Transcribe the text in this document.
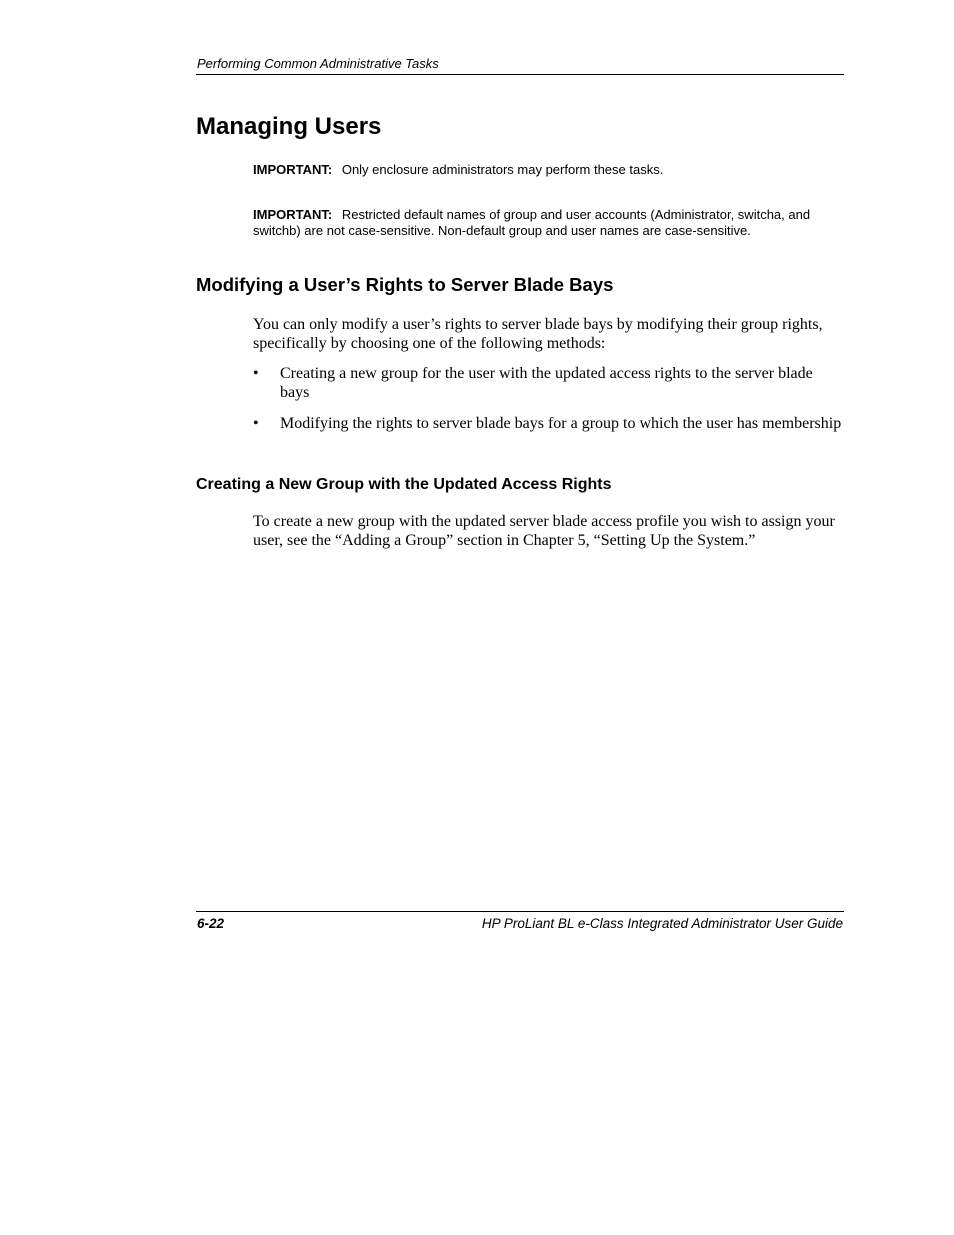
Performing Common Administrative Tasks
Managing Users
IMPORTANT: Only enclosure administrators may perform these tasks.
IMPORTANT: Restricted default names of group and user accounts (Administrator, switcha, and switchb) are not case-sensitive. Non-default group and user names are case-sensitive.
Modifying a User’s Rights to Server Blade Bays

You can only modify a user’s rights to server blade bays by modifying their group rights, specifically by choosing one of the following methods:

• Creating a new group for the user with the updated access rights to the server blade bays
• Modifying the rights to server blade bays for a group to which the user has membership
Creating a New Group with the Updated Access Rights

To create a new group with the updated server blade access profile you wish to assign your user, see the “Adding a Group” section in Chapter 5, “Setting Up the System.”

6-22	HP ProLiant BL e-Class Integrated Administrator User Guide
